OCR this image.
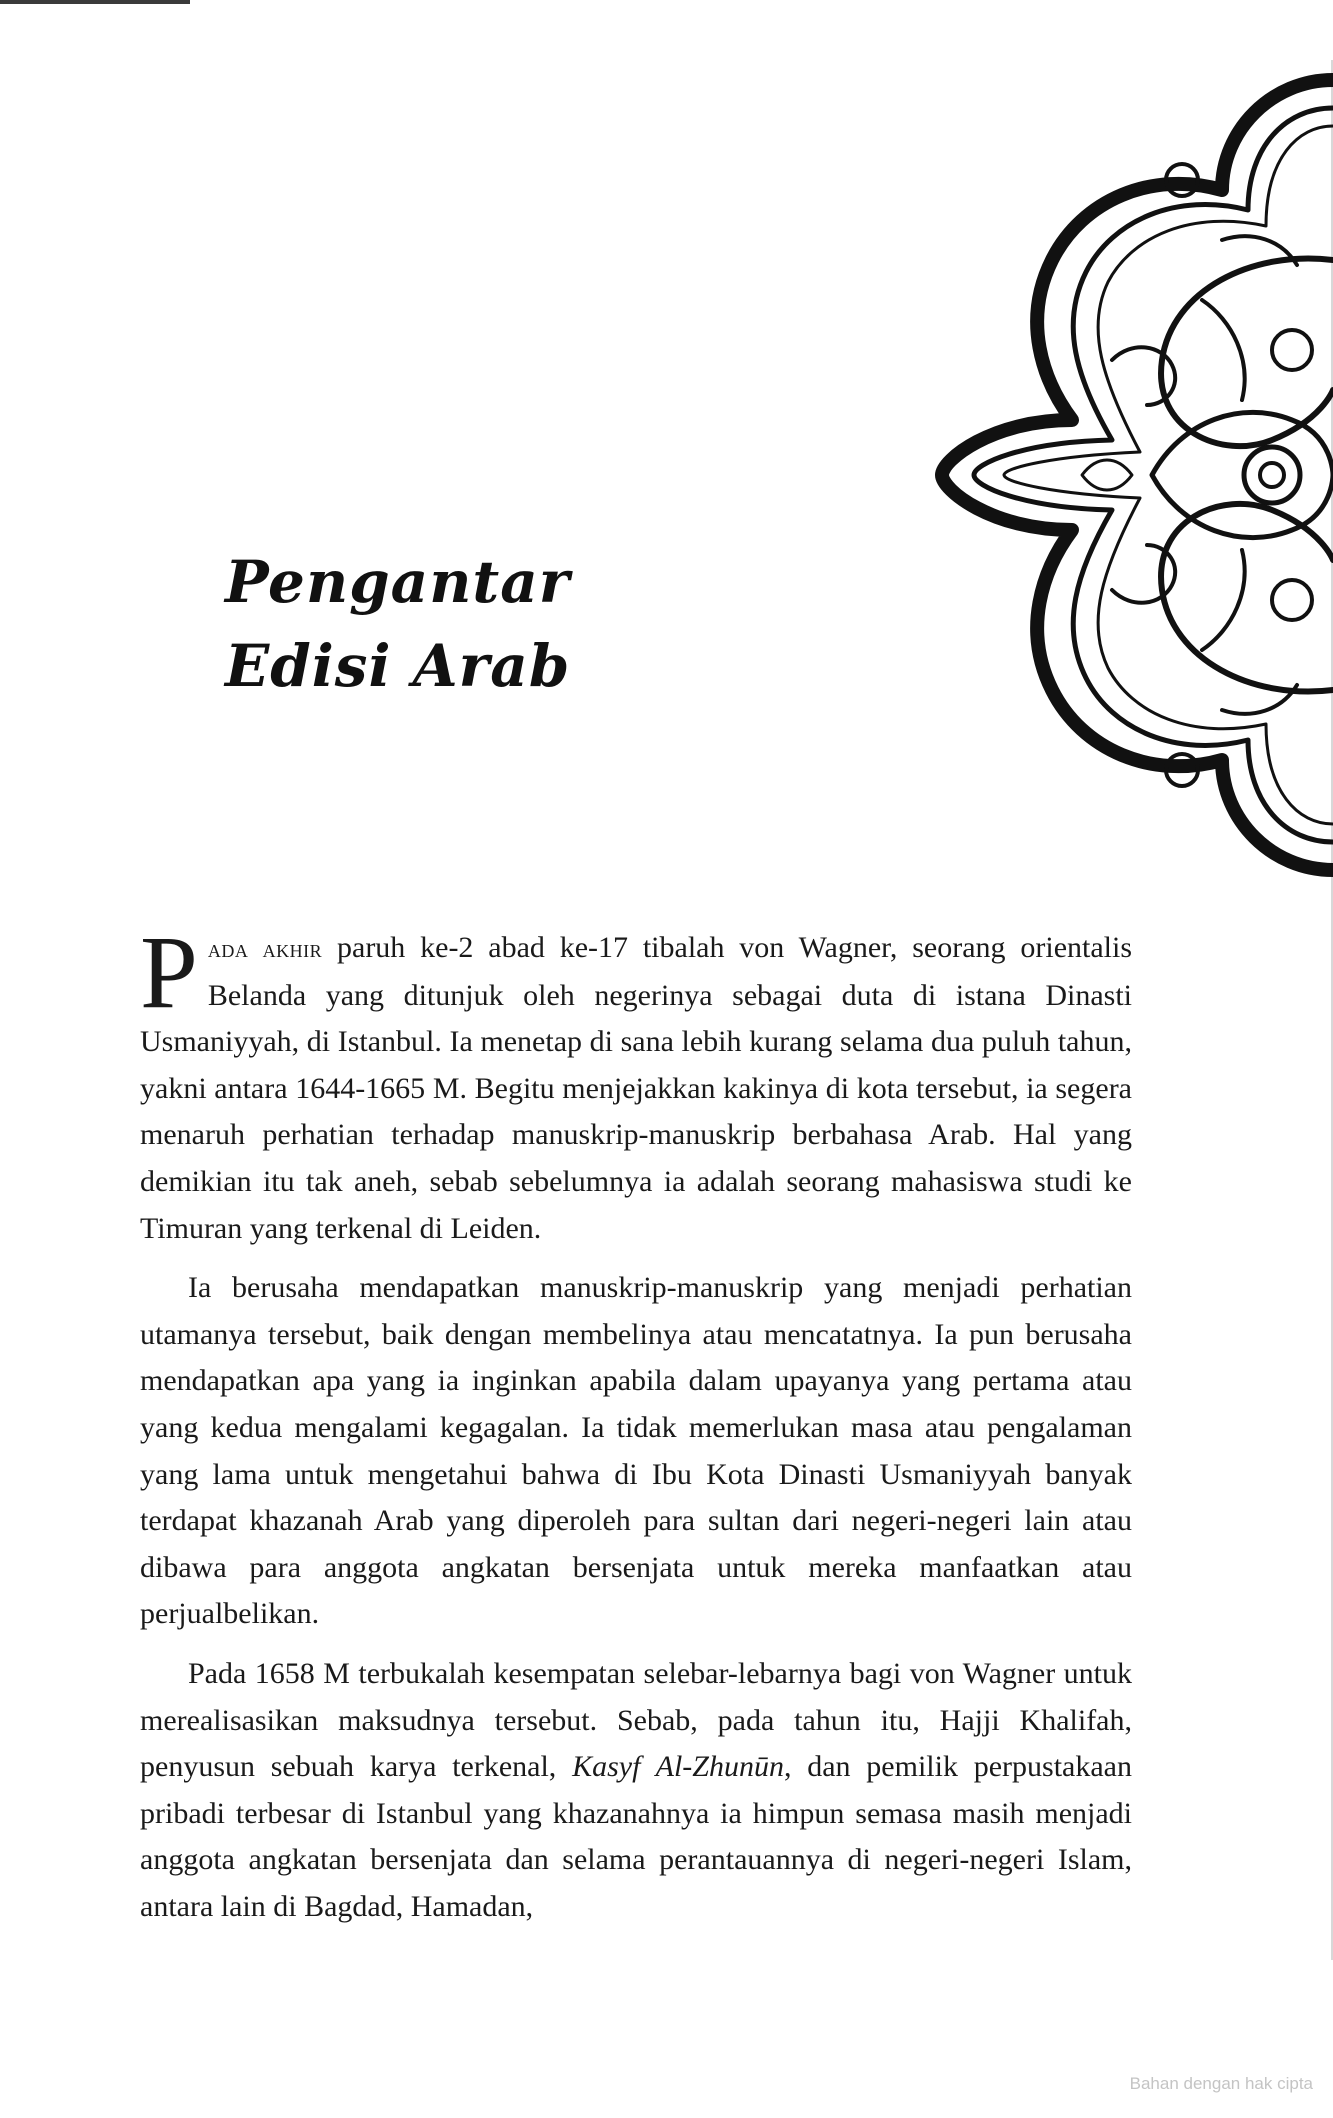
Pengantar
Edisi Arab

Pada akhir paruh ke-2 abad ke-17 tibalah von Wagner, seorang orientalis Belanda yang ditunjuk oleh negerinya sebagai duta di istana Dinasti Usmaniyyah, di Istanbul. Ia menetap di sana lebih kurang selama dua puluh tahun, yakni antara 1644-1665 M. Begitu menjejakkan kakinya di kota tersebut, ia segera menaruh perhatian terhadap manuskrip-manuskrip berbahasa Arab. Hal yang demikian itu tak aneh, sebab sebelumnya ia adalah seorang mahasiswa studi ke Timuran yang terkenal di Leiden.

Ia berusaha mendapatkan manuskrip-manuskrip yang menjadi perhatian utamanya tersebut, baik dengan membelinya atau mencatatnya. Ia pun berusaha mendapatkan apa yang ia inginkan apabila dalam upayanya yang pertama atau yang kedua mengalami kegagalan. Ia tidak memerlukan masa atau pengalaman yang lama untuk mengetahui bahwa di Ibu Kota Dinasti Usmaniyyah banyak terdapat khazanah Arab yang diperoleh para sultan dari negeri-negeri lain atau dibawa para anggota angkatan bersenjata untuk mereka manfaatkan atau perjualbelikan.

Pada 1658 M terbukalah kesempatan selebar-lebarnya bagi von Wagner untuk merealisasikan maksudnya tersebut. Sebab, pada tahun itu, Hajji Khalifah, penyusun sebuah karya terkenal, Kasyf Al-Zhunūn, dan pemilik perpustakaan pribadi terbesar di Istanbul yang khazanahnya ia himpun semasa masih menjadi anggota angkatan bersenjata dan selama perantauannya di negeri-negeri Islam, antara lain di Bagdad, Hamadan,

Bahan dengan hak cipta
